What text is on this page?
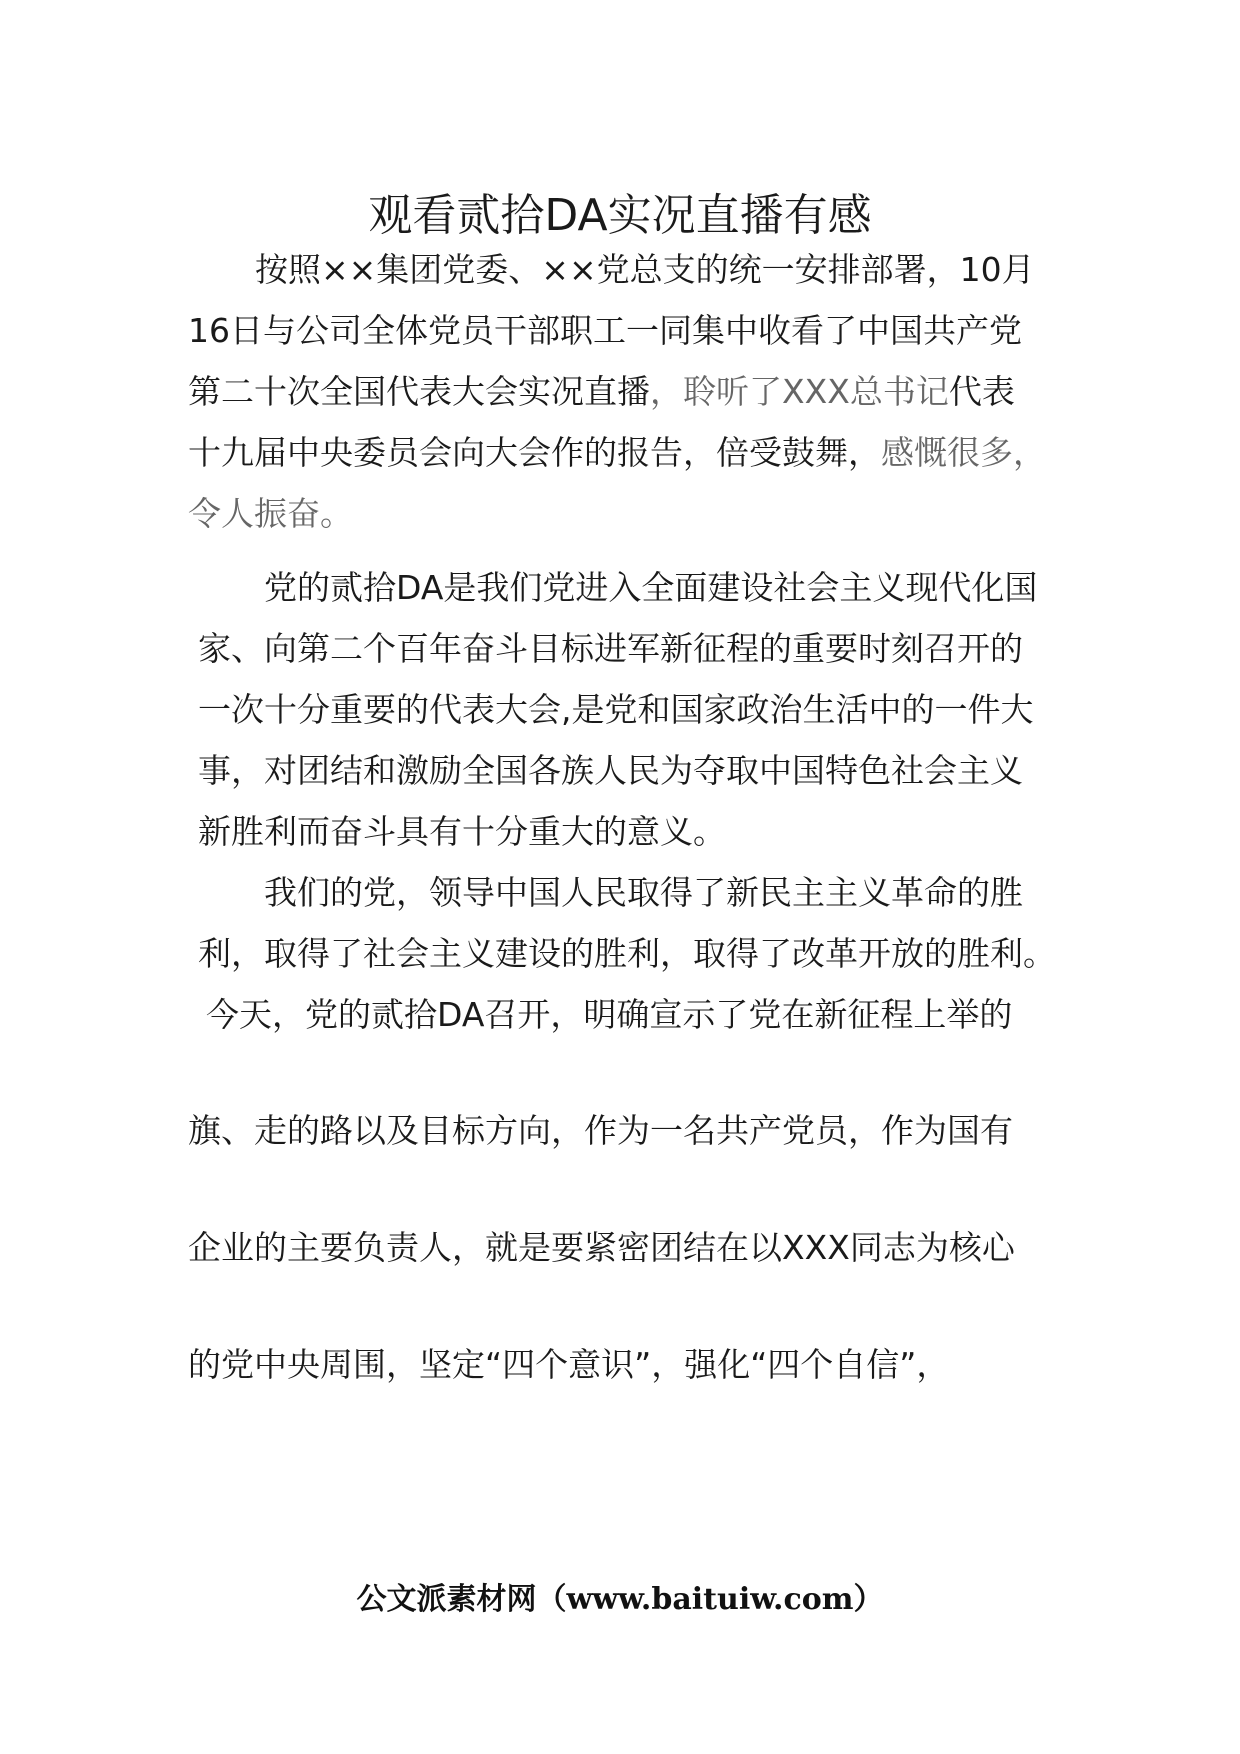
观看贰拾DA实况直播有感
按照××集团党委、××党总支的统一安排部署，10月
16日与公司全体党员干部职工一同集中收看了中国共产党
第二十次全国代表大会实况直播，聆听了XXX总书记代表
十九届中央委员会向大会作的报告，倍受鼓舞，感慨很多，
令人振奋。
党的贰拾DA是我们党进入全面建设社会主义现代化国
家、向第二个百年奋斗目标进军新征程的重要时刻召开的
一次十分重要的代表大会,是党和国家政治生活中的一件大
事，对团结和激励全国各族人民为夺取中国特色社会主义
新胜利而奋斗具有十分重大的意义。
我们的党，领导中国人民取得了新民主主义革命的胜
利，取得了社会主义建设的胜利，取得了改革开放的胜利。
今天，党的贰拾DA召开，明确宣示了党在新征程上举的
旗、走的路以及目标方向，作为一名共产党员，作为国有
企业的主要负责人，就是要紧密团结在以XXX同志为核心
的党中央周围，坚定“四个意识”，强化“四个自信”，
公文派素材网（www.baituiw.com）
